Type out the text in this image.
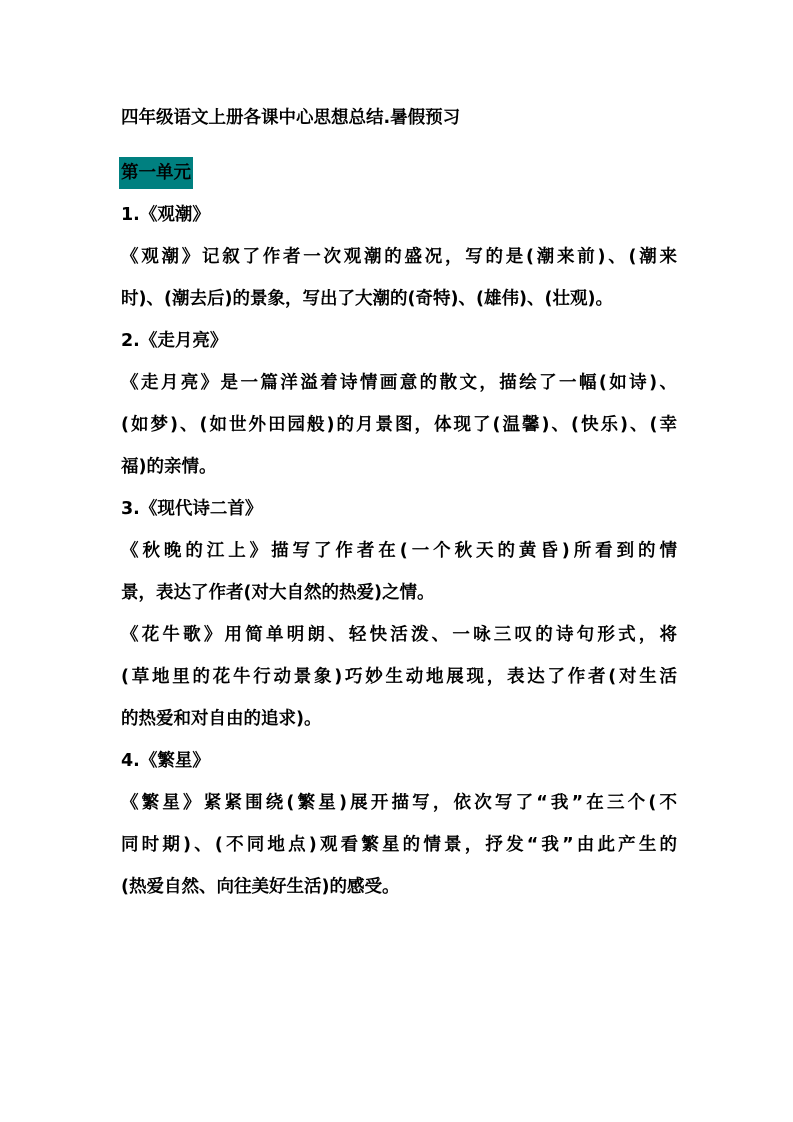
四年级语文上册各课中心思想总结.暑假预习
第一单元
1.《观潮》
《观潮》记叙了作者一次观潮的盛况，写的是(潮来前)、(潮来
时)、(潮去后)的景象，写出了大潮的(奇特)、(雄伟)、(壮观)。
2.《走月亮》
《走月亮》是一篇洋溢着诗情画意的散文，描绘了一幅(如诗)、
(如梦)、(如世外田园般)的月景图，体现了(温馨)、(快乐)、(幸
福)的亲情。
3.《现代诗二首》
《秋晚的江上》描写了作者在(一个秋天的黄昏)所看到的情
景，表达了作者(对大自然的热爱)之情。
《花牛歌》用简单明朗、轻快活泼、一咏三叹的诗句形式，将
(草地里的花牛行动景象)巧妙生动地展现，表达了作者(对生活
的热爱和对自由的追求)。
4.《繁星》
《繁星》紧紧围绕(繁星)展开描写，依次写了“我”在三个(不
同时期)、(不同地点)观看繁星的情景，抒发“我”由此产生的
(热爱自然、向往美好生活)的感受。
